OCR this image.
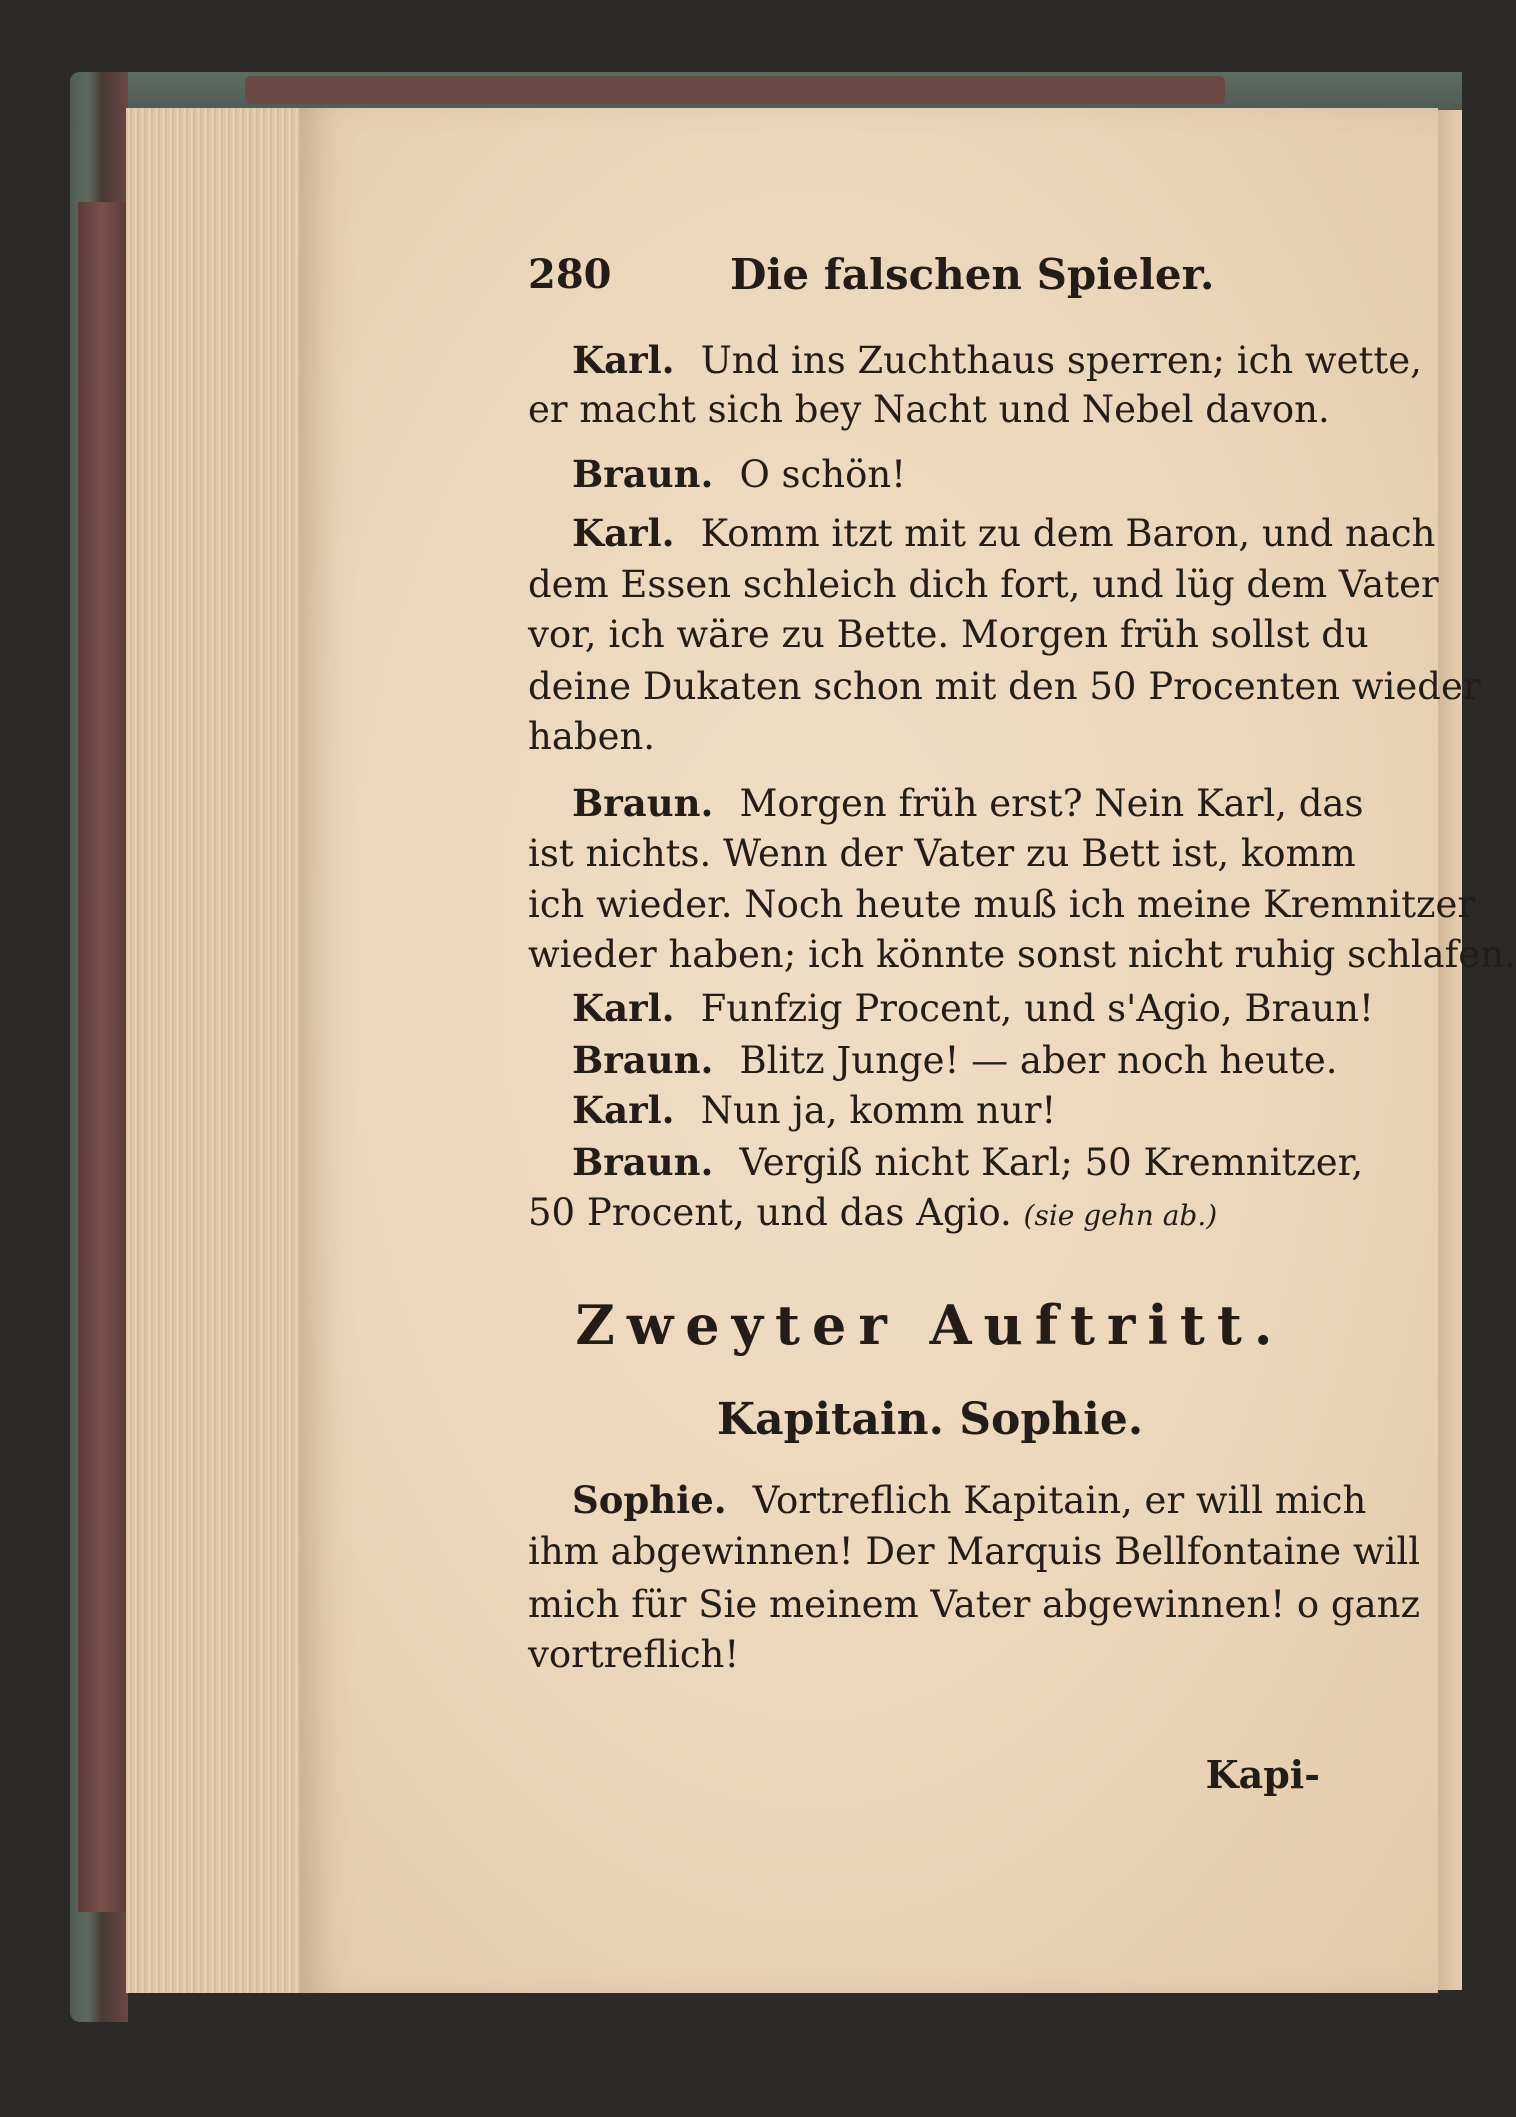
280	Die falschen Spieler.

Karl. Und ins Zuchthaus sperren; ich wette,

er macht sich bey Nacht und Nebel davon.

Braun. O schön!

Karl. Komm itzt mit zu dem Baron, und nach

dem Essen schleich dich fort, und lüg dem Vater

vor, ich wäre zu Bette. Morgen früh sollst du

deine Dukaten schon mit den 50 Procenten wieder

haben.

Braun. Morgen früh erst? Nein Karl, das

ist nichts. Wenn der Vater zu Bett ist, komm

ich wieder. Noch heute muß ich meine Kremnitzer

wieder haben; ich könnte sonst nicht ruhig schlafen.

Karl. Funfzig Procent, und s'Agio, Braun!

Braun. Blitz Junge! — aber noch heute.

Karl. Nun ja, komm nur!

Braun. Vergiß nicht Karl; 50 Kremnitzer,

50 Procent, und das Agio. (sie gehn ab.)

Zweyter Auftritt.

Kapitain. Sophie.

Sophie. Vortreflich Kapitain, er will mich

ihm abgewinnen! Der Marquis Bellfontaine will

mich für Sie meinem Vater abgewinnen! o ganz

vortreflich!

Kapi-
